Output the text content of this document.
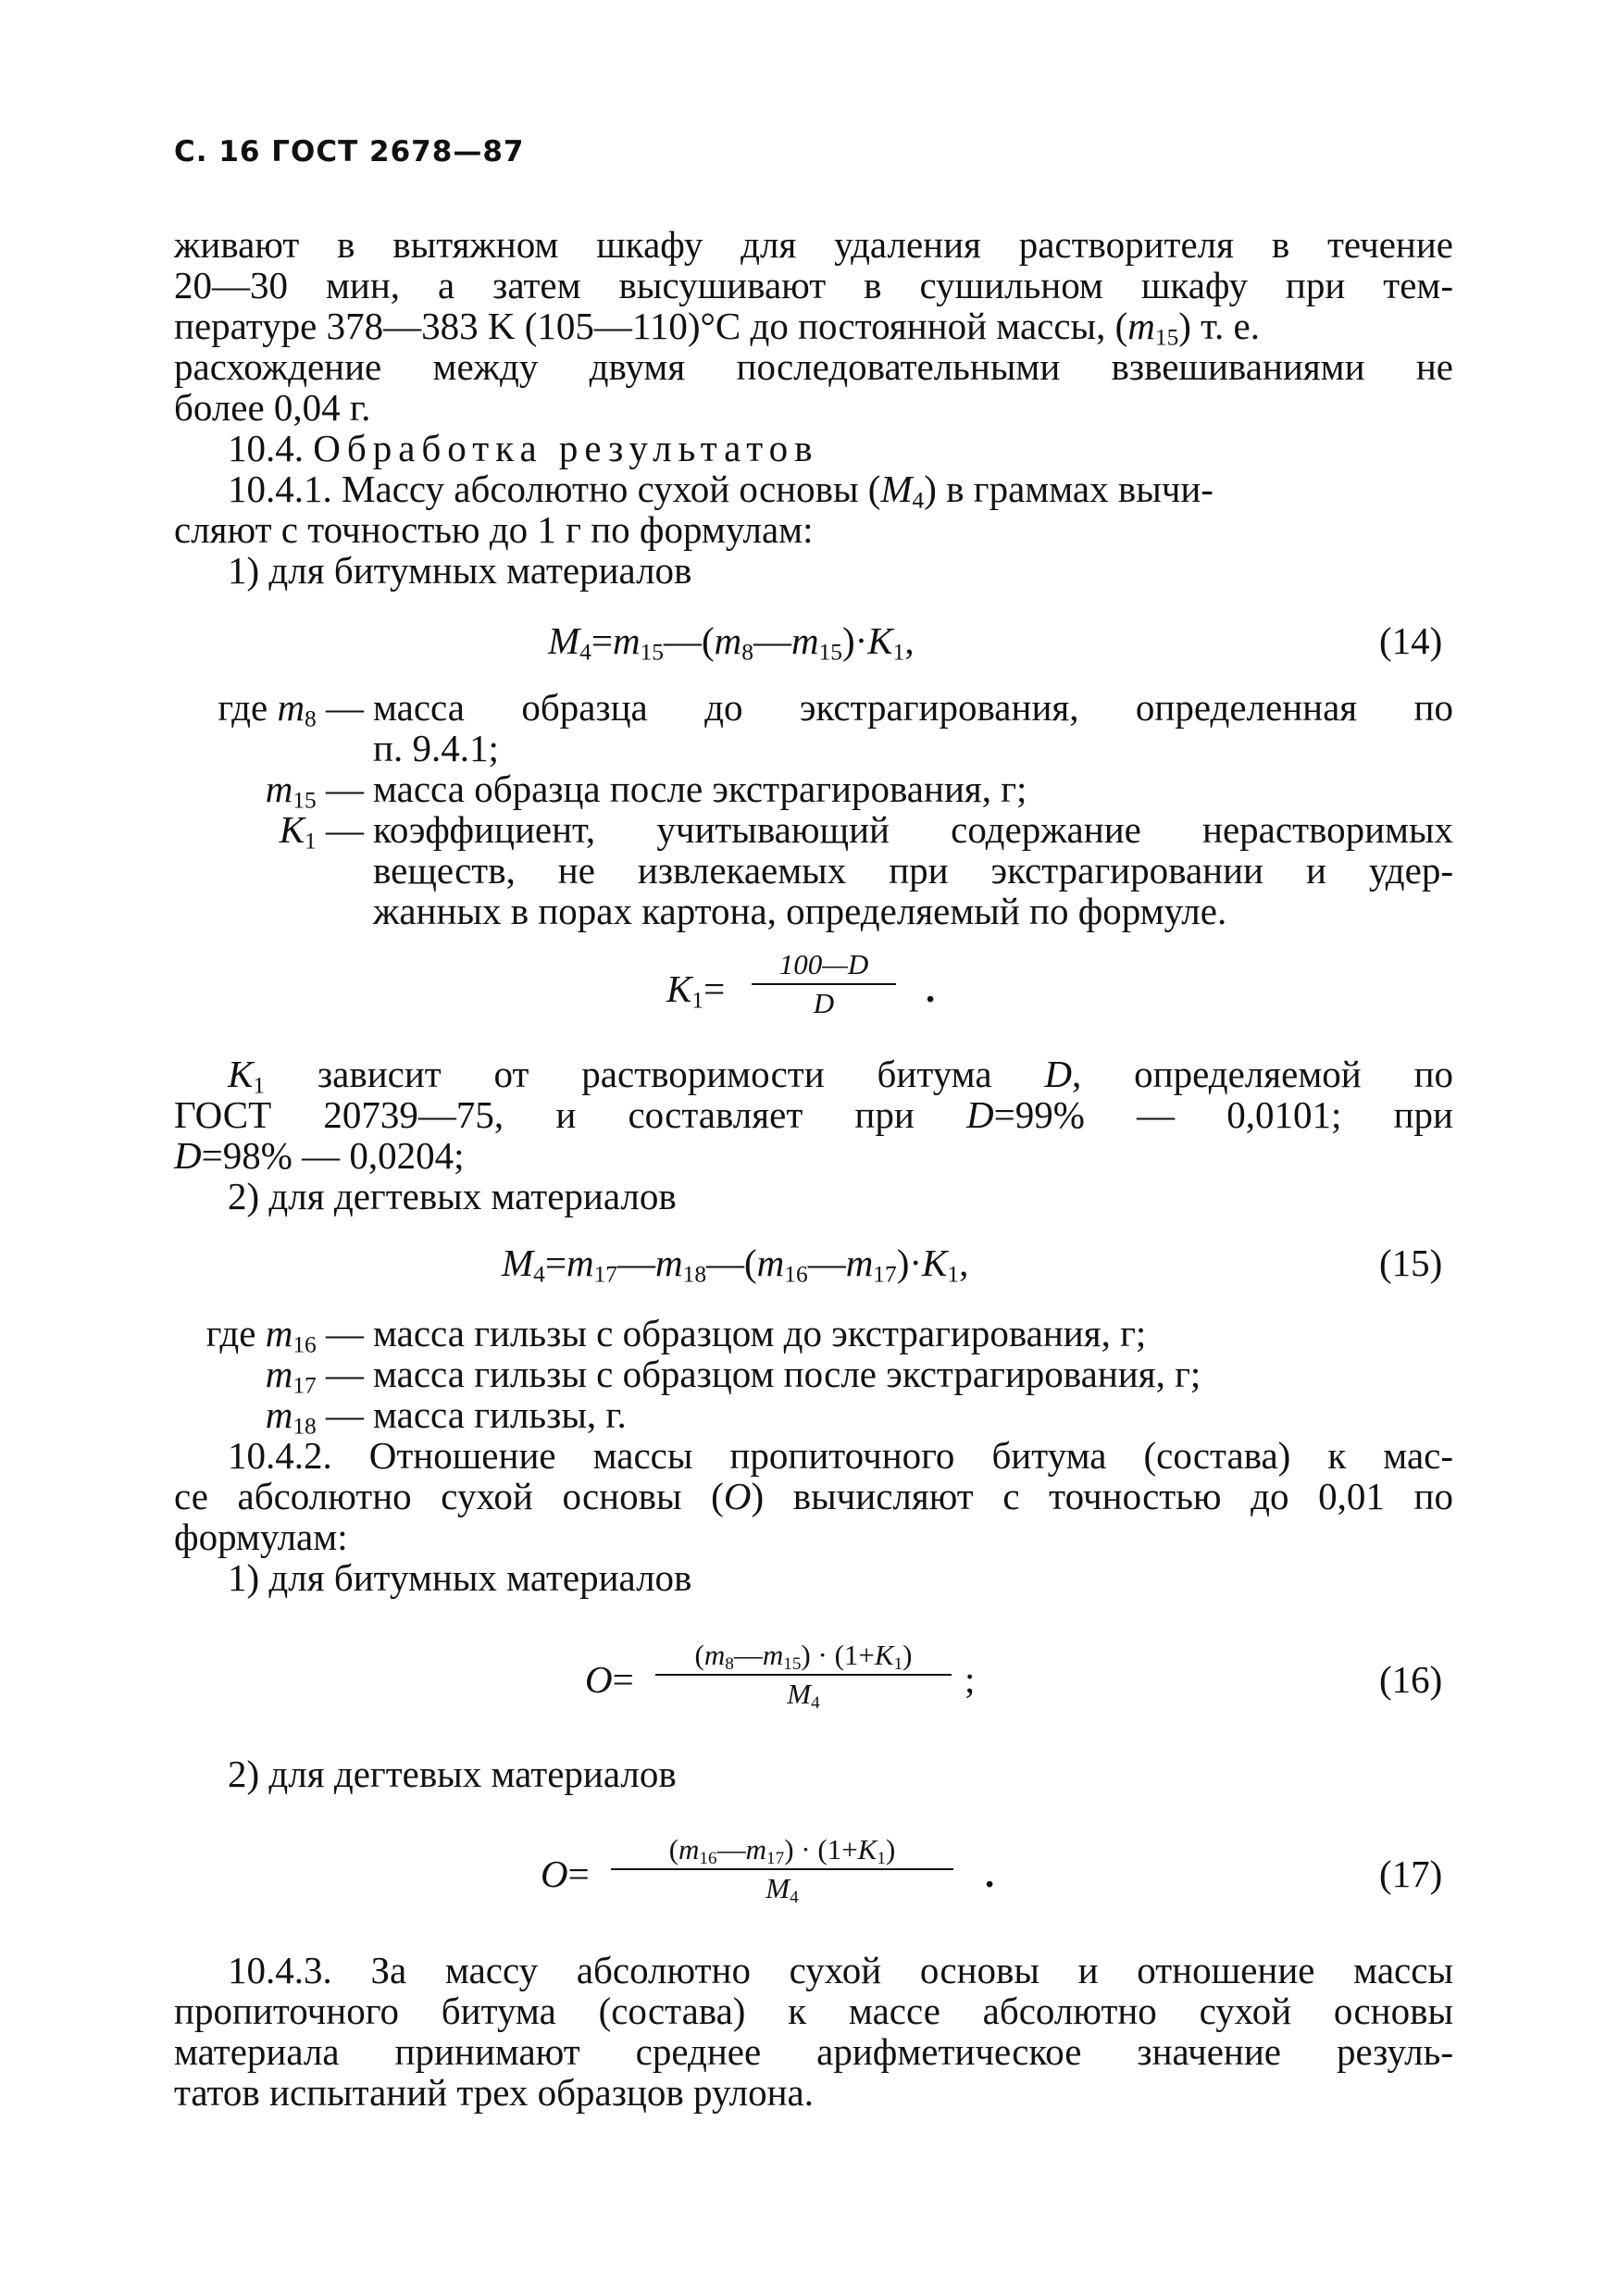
С. 16 ГОСТ 2678—87
живают в вытяжном шкафу для удаления растворителя в течение
20—30 мин, а затем высушивают в сушильном шкафу при тем-
пературе 378—383 K (105—110)°C до постоянной массы, $(m_{15})$ т. е.
расхождение между двумя последовательными взвешиваниями не
более 0,04 г.
10.4. Обработка результатов
10.4.1. Массу абсолютно сухой основы $(M_4)$ в граммах вычи-
сляют с точностью до 1 г по формулам:
1) для битумных материалов
$M_4=m_{15}—(m_8—m_{15})\cdot K_1$,	(14)
где $m_8$ — масса образца до экстрагирования, определенная по
п. 9.4.1;
$m_{15}$ — масса образца после экстрагирования, г;
$K_1$ — коэффициент, учитывающий содержание нерастворимых
веществ, не извлекаемых при экстрагировании и удер-
жанных в порах картона, определяемый по формуле.
$K_1=$
100—D
D .
$K_1$ зависит от растворимости битума D, определяемой по
ГОСТ 20739—75, и составляет при D=99% — 0,0101; при
D=98% — 0,0204;
2) для дегтевых материалов
$M_4=m_{17}—m_{18}—(m_{16}—m_{17})\cdot K_1$,	(15)
где $m_{16}$ — масса гильзы с образцом до экстрагирования, г;
$m_{17}$ — масса гильзы с образцом после экстрагирования, г;
$m_{18}$ — масса гильзы, г.
10.4.2. Отношение массы пропиточного битума (состава) к мас-
се абсолютно сухой основы (O) вычисляют с точностью до 0,01 по
формулам:
1) для битумных материалов
O=
$(m_8—m_{15}) \cdot (1+K_1)$
$M_4$
;	(16)
2) для дегтевых материалов
O=
$(m_{16}—m_{17}) \cdot (1+K_1)$
$M_4$
.	(17)
10.4.3. За массу абсолютно сухой основы и отношение массы
пропиточного битума (состава) к массе абсолютно сухой основы
материала принимают среднее арифметическое значение резуль-
татов испытаний трех образцов рулона.
